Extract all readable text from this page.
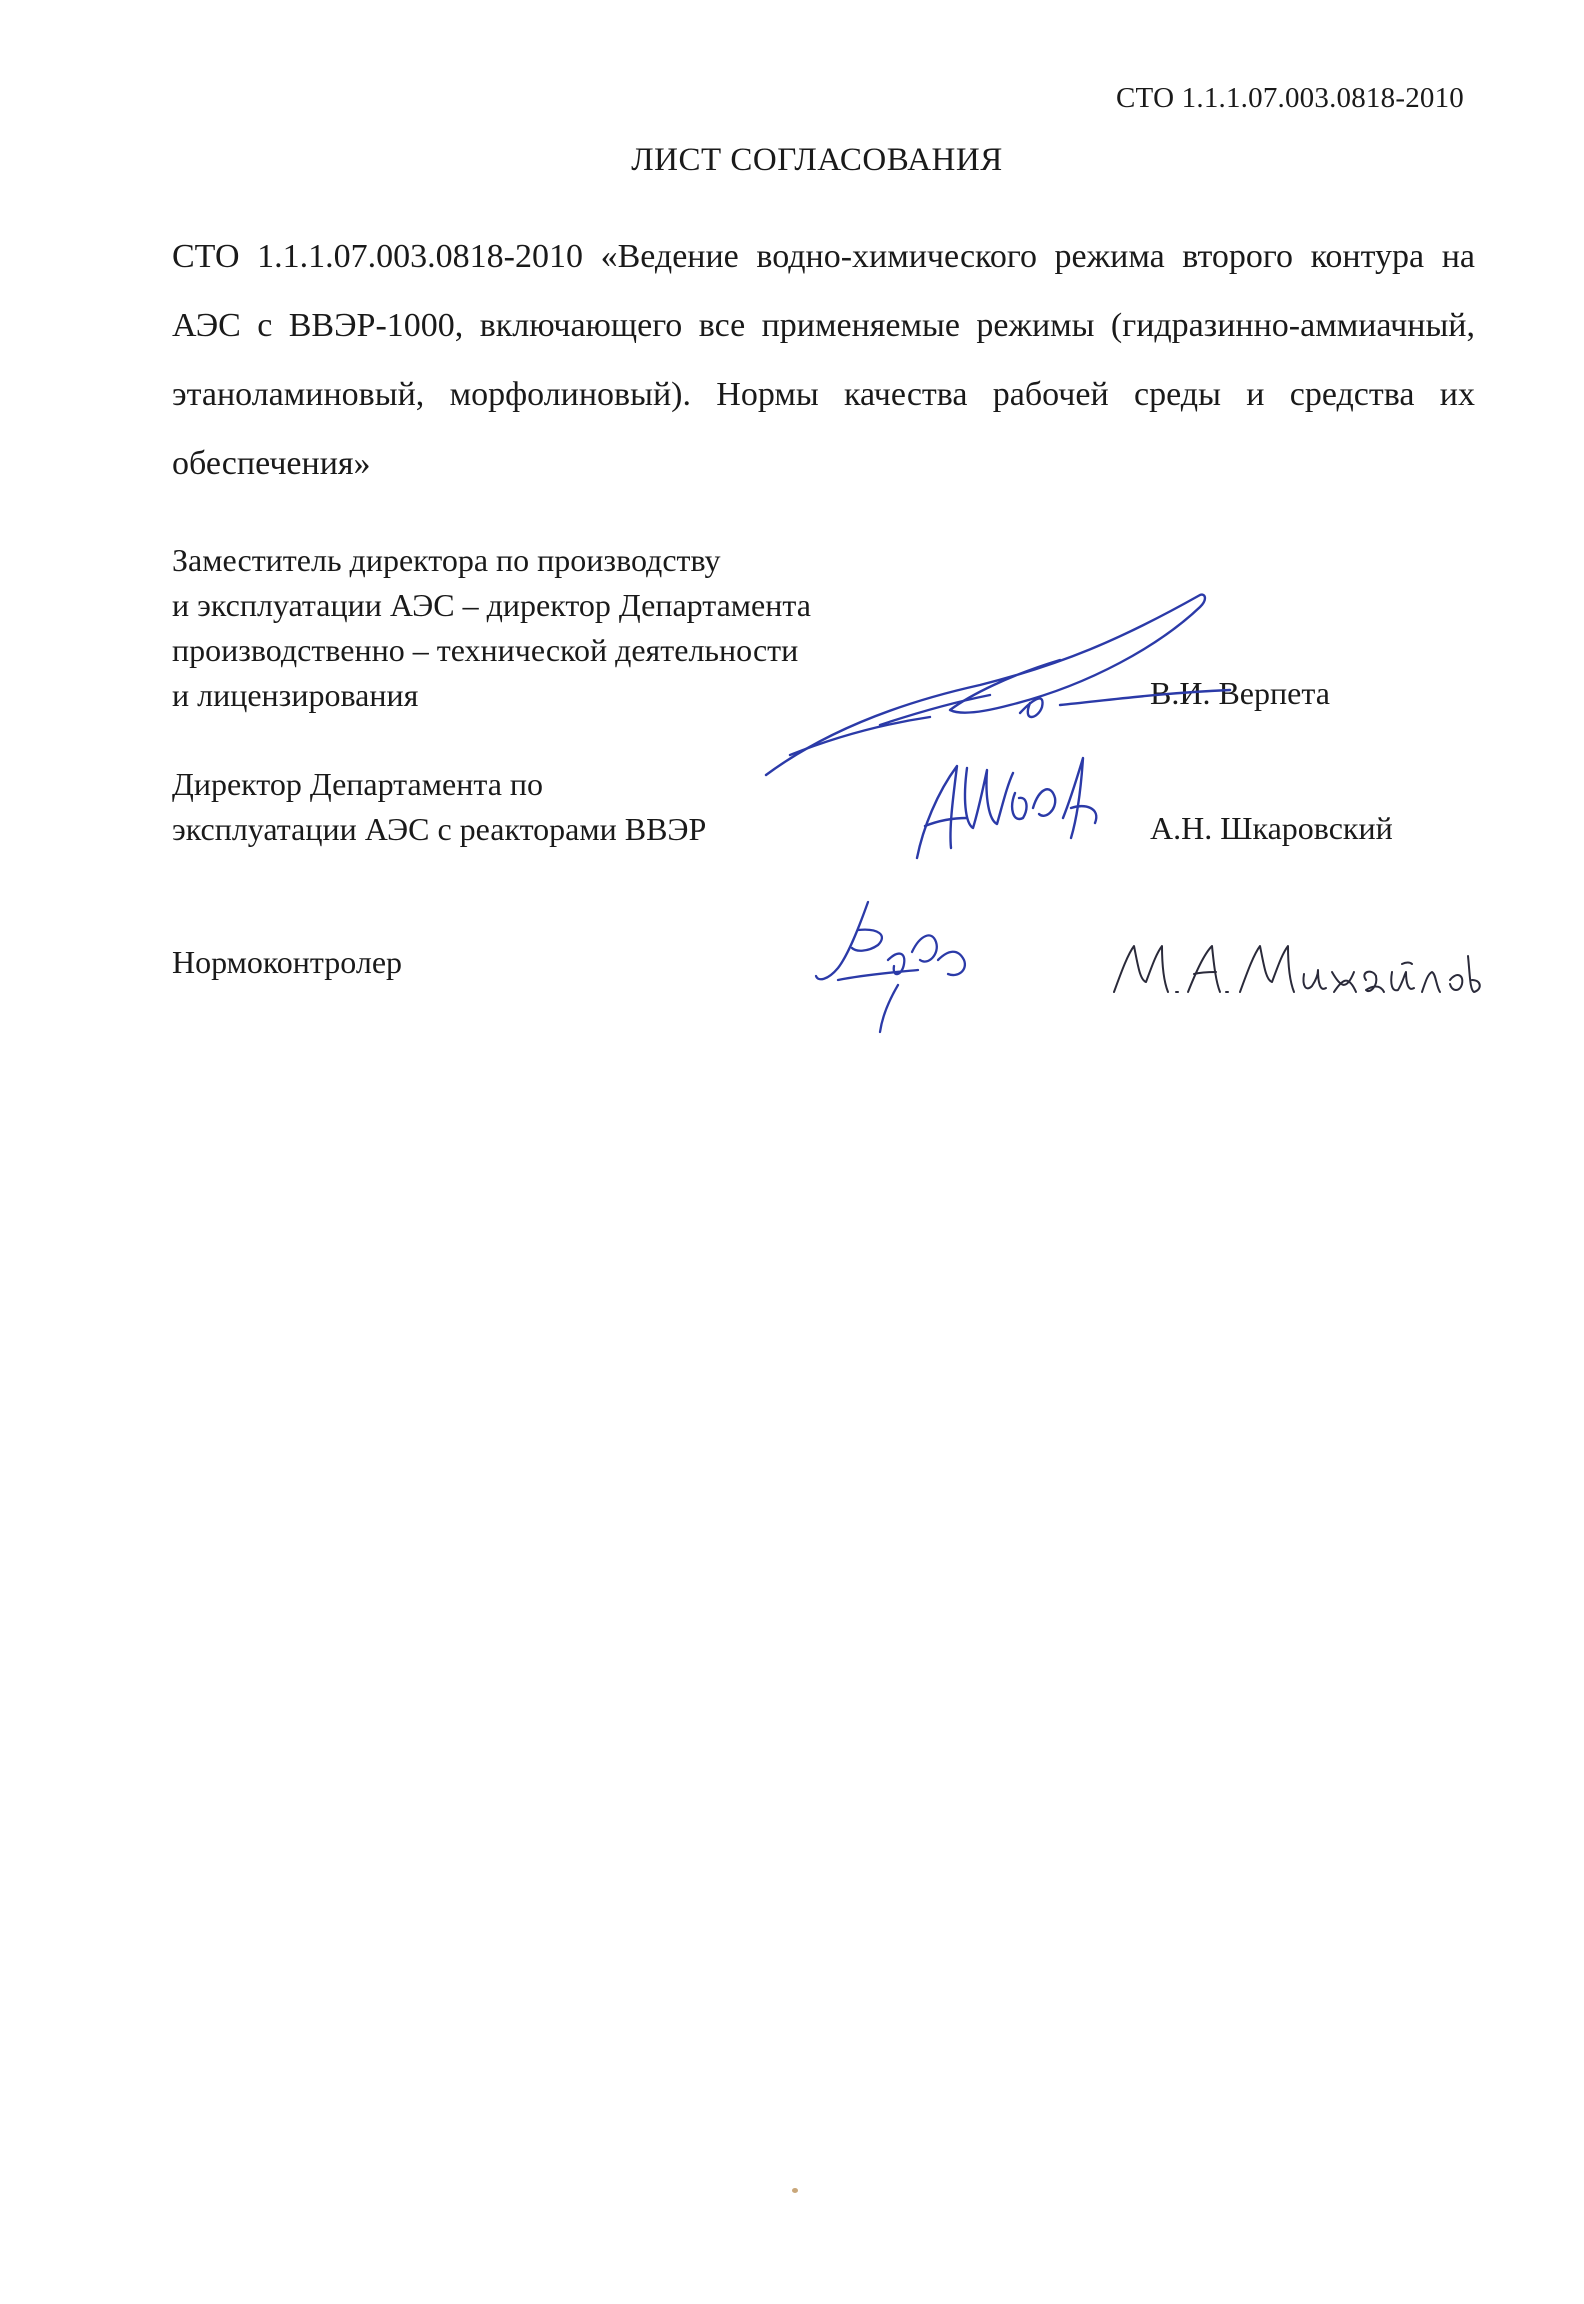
СТО 1.1.1.07.003.0818-2010
ЛИСТ СОГЛАСОВАНИЯ
СТО 1.1.1.07.003.0818-2010 «Ведение водно-химического режима второго контура на АЭС с ВВЭР-1000, включающего все применяемые режимы (гидразинно-аммиачный, этаноламиновый, морфолиновый). Нормы качества рабочей среды и средства их обеспечения»
Заместитель директора по производству
и эксплуатации АЭС – директор Департамента
производственно – технической деятельности
и лицензирования	В.И. Верпета
Директор Департамента по
эксплуатации АЭС с реакторами ВВЭР	А.Н. Шкаровский
Нормоконтролер
